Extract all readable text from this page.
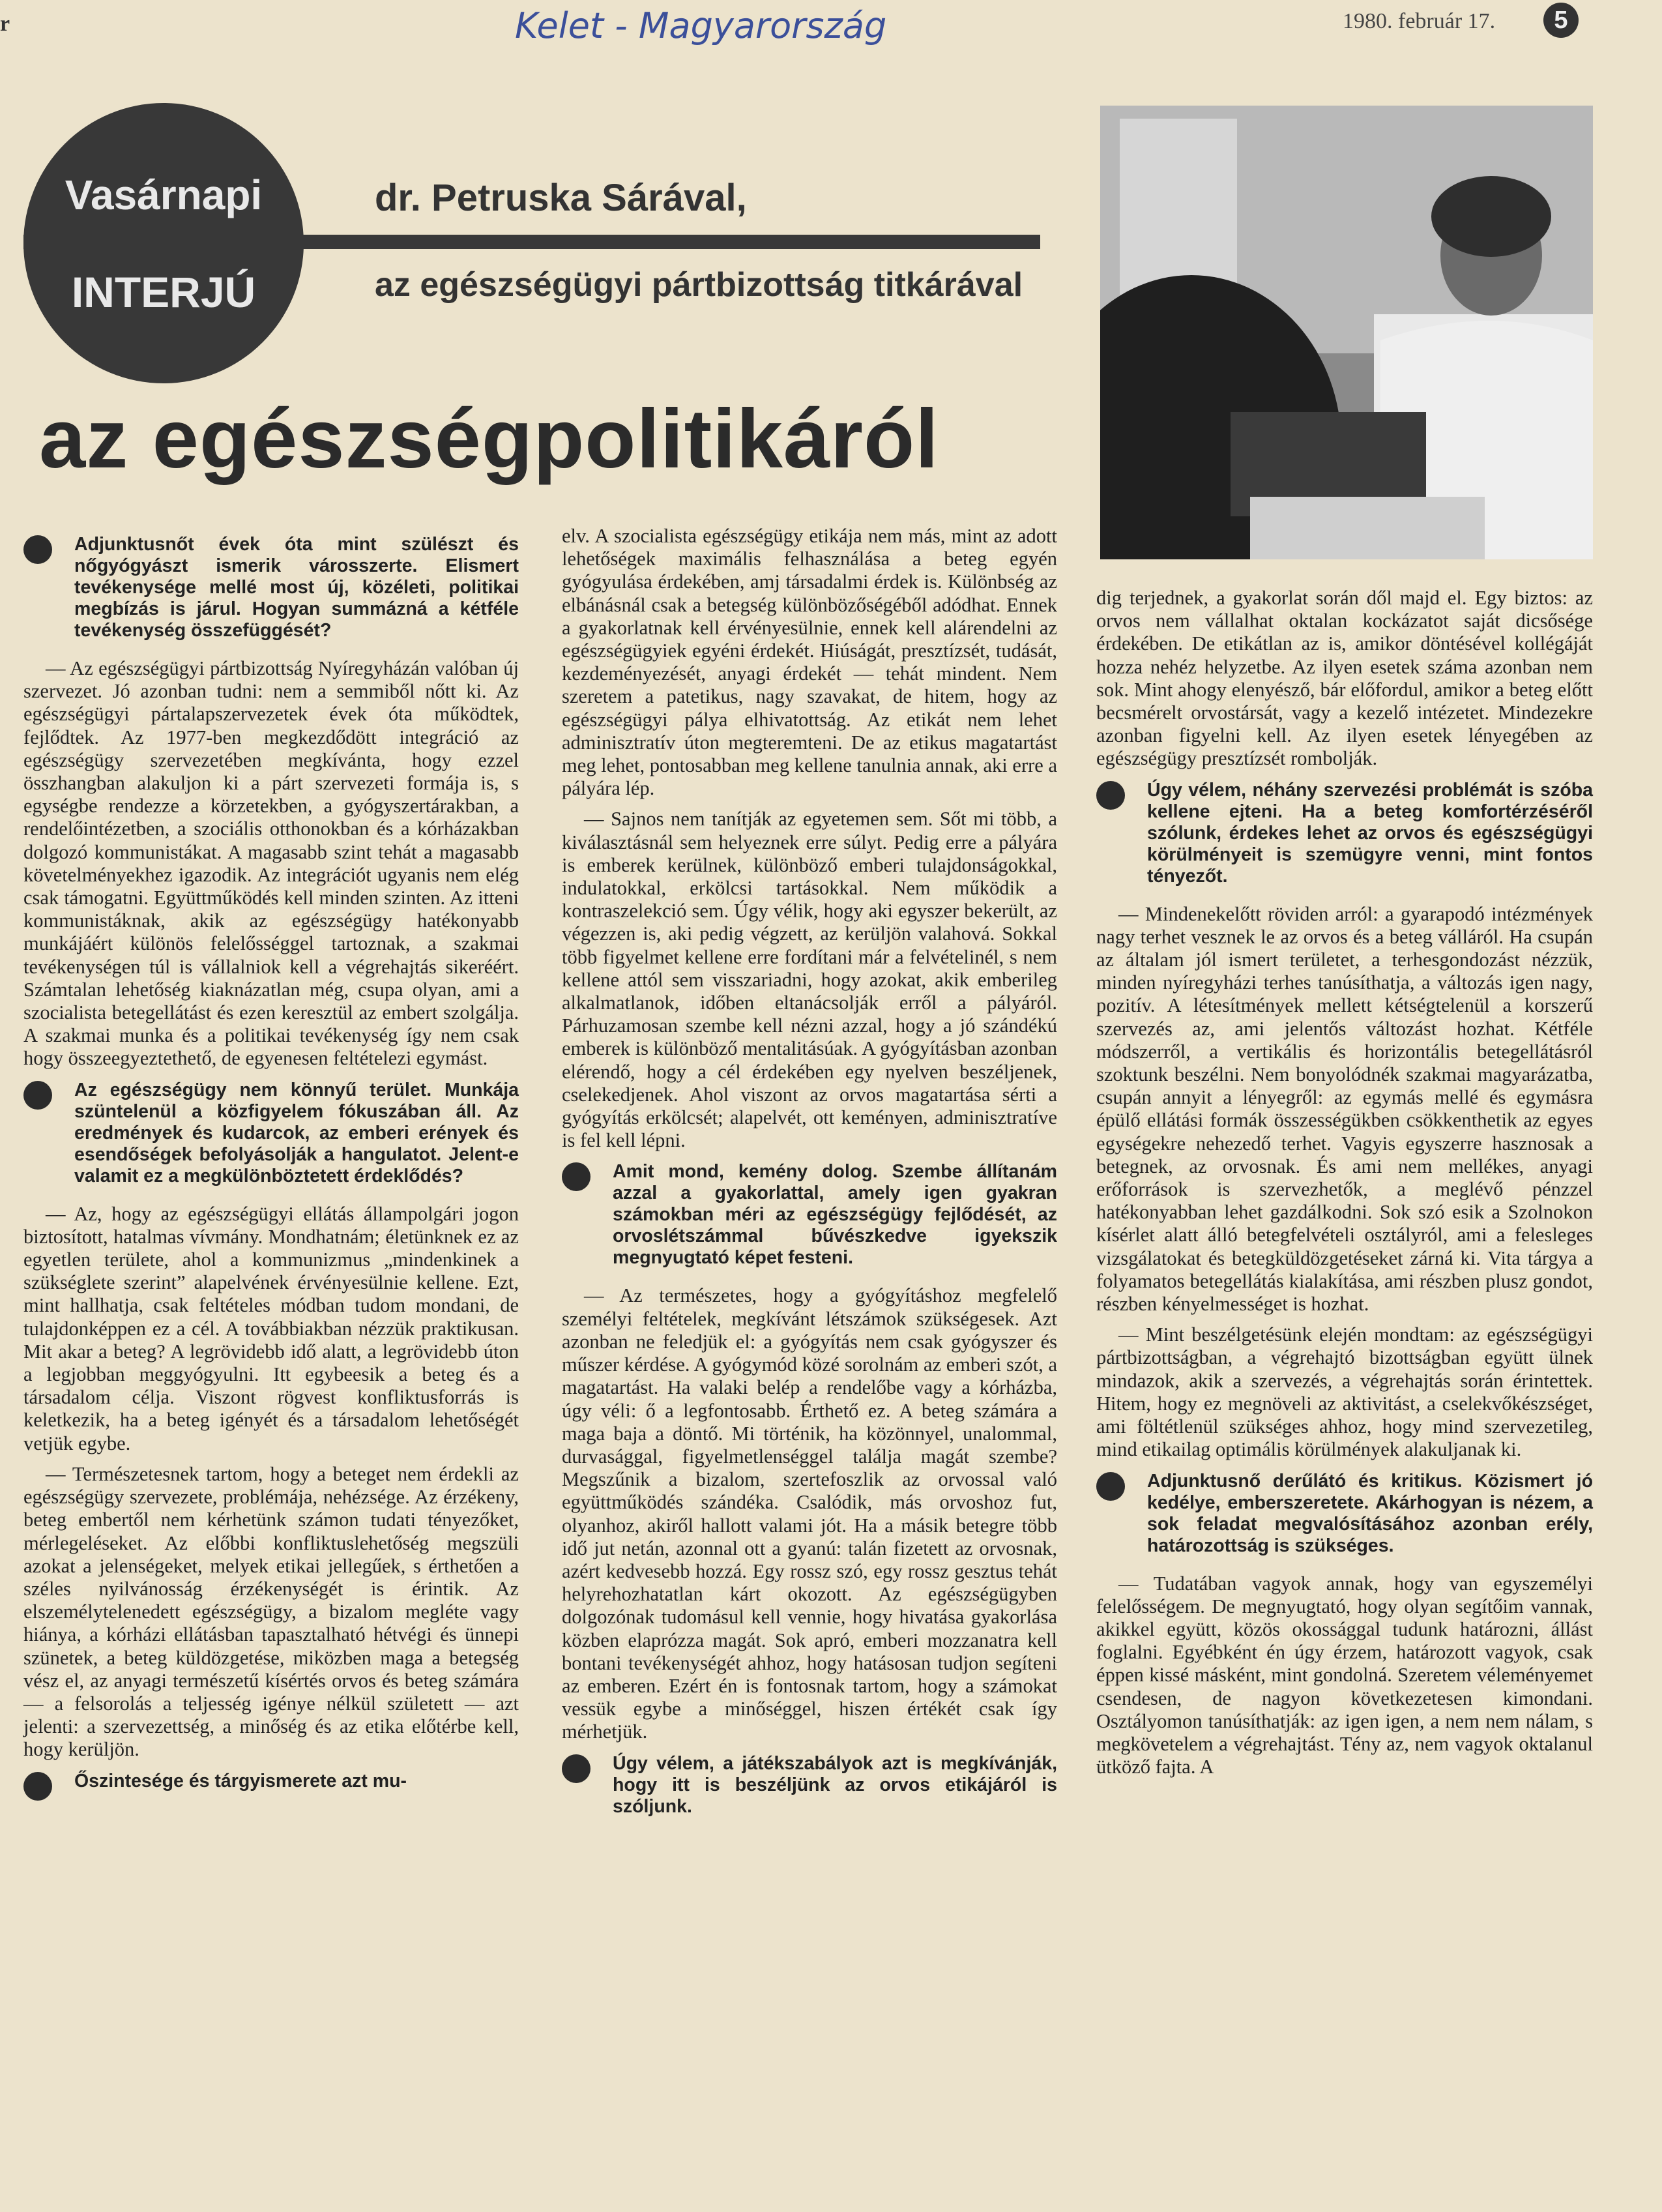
r	Kelet - Magyarország	1980. február 17.	5
Vasárnapi
INTERJÚ
dr. Petruska Sárával,
az egészségügyi pártbizottság titkárával
az egészségpolitikáról

Adjunktusnőt évek óta mint szülészt és nőgyógyászt ismerik városszerte. Elismert tevékenysége mellé most új, közéleti, politikai megbízás is járul. Hogyan summázná a kétféle tevékenység összefüggését?

— Az egészségügyi pártbizottság Nyíregyházán valóban új szervezet. Jó azonban tudni: nem a semmiből nőtt ki. Az egészségügyi pártalapszervezetek évek óta működtek, fejlődtek. Az 1977-ben megkezdődött integráció az egészségügy szervezetében megkívánta, hogy ezzel összhangban alakuljon ki a párt szervezeti formája is, s egységbe rendezze a körzetekben, a gyógyszertárakban, a rendelőintézetben, a szociális otthonokban és a kórházakban dolgozó kommunistákat. A magasabb szint tehát a magasabb követelményekhez igazodik. Az integrációt ugyanis nem elég csak támogatni. Együttműködés kell minden szinten. Az itteni kommunistáknak, akik az egészségügy hatékonyabb munkájáért különös felelősséggel tartoznak, a szakmai tevékenységen túl is vállalniok kell a végrehajtás sikeréért. Számtalan lehetőség kiaknázatlan még, csupa olyan, ami a szocialista betegellátást és ezen keresztül az embert szolgálja. A szakmai munka és a politikai tevékenység így nem csak hogy összeegyeztethető, de egyenesen feltételezi egymást.

Az egészségügy nem könnyű terület. Munkája szüntelenül a közfigyelem fókuszában áll. Az eredmények és kudarcok, az emberi erények és esendőségek befolyásolják a hangulatot. Jelent-e valamit ez a megkülönböztetett érdeklődés?

— Az, hogy az egészségügyi ellátás állampolgári jogon biztosított, hatalmas vívmány. Mondhatnám; életünknek ez az egyetlen területe, ahol a kommunizmus „mindenkinek a szükséglete szerint” alapelvének érvényesülnie kellene. Ezt, mint hallhatja, csak feltételes módban tudom mondani, de tulajdonképpen ez a cél. A továbbiakban nézzük praktikusan. Mit akar a beteg? A legrövidebb idő alatt, a legrövidebb úton a legjobban meggyógyulni. Itt egybeesik a beteg és a társadalom célja. Viszont rögvest konfliktusforrás is keletkezik, ha a beteg igényét és a társadalom lehetőségét vetjük egybe.

— Természetesnek tartom, hogy a beteget nem érdekli az egészségügy szervezete, problémája, nehézsége. Az érzékeny, beteg embertől nem kérhetünk számon tudati tényezőket, mérlegeléseket. Az előbbi konfliktuslehetőség megszüli azokat a jelenségeket, melyek etikai jellegűek, s érthetően a széles nyilvánosság érzékenységét is érintik. Az elszemélytelenedett egészségügy, a bizalom megléte vagy hiánya, a kórházi ellátásban tapasztalható hétvégi és ünnepi szünetek, a beteg küldözgetése, miközben maga a betegség vész el, az anyagi természetű kísértés orvos és beteg számára — a felsorolás a teljesség igénye nélkül született — azt jelenti: a szervezettség, a minőség és az etika előtérbe kell, hogy kerüljön.

Őszintesége és tárgyismerete azt mu-

elv. A szocialista egészségügy etikája nem más, mint az adott lehetőségek maximális felhasználása a beteg egyén gyógyulása érdekében, amj társadalmi érdek is. Különbség az elbánásnál csak a betegség különbözőségéből adódhat. Ennek a gyakorlatnak kell érvényesülnie, ennek kell alárendelni az egészségügyiek egyéni érdekét. Hiúságát, presztízsét, tudását, kezdeményezését, anyagi érdekét — tehát mindent. Nem szeretem a patetikus, nagy szavakat, de hitem, hogy az egészségügyi pálya elhivatottság. Az etikát nem lehet adminisztratív úton megteremteni. De az etikus magatartást meg lehet, pontosabban meg kellene tanulnia annak, aki erre a pályára lép.

— Sajnos nem tanítják az egyetemen sem. Sőt mi több, a kiválasztásnál sem helyeznek erre súlyt. Pedig erre a pályára is emberek kerülnek, különböző emberi tulajdonságokkal, indulatokkal, erkölcsi tartásokkal. Nem működik a kontraszelekció sem. Úgy vélik, hogy aki egyszer bekerült, az végezzen is, aki pedig végzett, az kerüljön valahová. Sokkal több figyelmet kellene erre fordítani már a felvételinél, s nem kellene attól sem visszariadni, hogy azokat, akik emberileg alkalmatlanok, időben eltanácsolják erről a pályáról. Párhuzamosan szembe kell nézni azzal, hogy a jó szándékú emberek is különböző mentalitásúak. A gyógyításban azonban elérendő, hogy a cél érdekében egy nyelven beszéljenek, cselekedjenek. Ahol viszont az orvos magatartása sérti a gyógyítás erkölcsét; alapelvét, ott keményen, adminisztratíve is fel kell lépni.

Amit mond, kemény dolog. Szembe állítanám azzal a gyakorlattal, amely igen gyakran számokban méri az egészségügy fejlődését, az orvoslétszámmal bűvészkedve igyekszik megnyugtató képet festeni.

— Az természetes, hogy a gyógyításhoz megfelelő személyi feltételek, megkívánt létszámok szükségesek. Azt azonban ne feledjük el: a gyógyítás nem csak gyógyszer és műszer kérdése. A gyógymód közé sorolnám az emberi szót, a magatartást. Ha valaki belép a rendelőbe vagy a kórházba, úgy véli: ő a legfontosabb. Érthető ez. A beteg számára a maga baja a döntő. Mi történik, ha közönnyel, unalommal, durvasággal, figyelmetlenséggel találja magát szembe? Megszűnik a bizalom, szertefoszlik az orvossal való együttműködés szándéka. Csalódik, más orvoshoz fut, olyanhoz, akiről hallott valami jót. Ha a másik betegre több idő jut netán, azonnal ott a gyanú: talán fizetett az orvosnak, azért kedvesebb hozzá. Egy rossz szó, egy rossz gesztus tehát helyrehozhatatlan kárt okozott. Az egészségügyben dolgozónak tudomásul kell vennie, hogy hivatása gyakorlása közben elaprózza magát. Sok apró, emberi mozzanatra kell bontani tevékenységét ahhoz, hogy hatásosan tudjon segíteni az emberen. Ezért én is fontosnak tartom, hogy a számokat vessük egybe a minőséggel, hiszen értékét csak így mérhetjük.

Úgy vélem, a játékszabályok azt is megkívánják, hogy itt is beszéljünk az orvos etikájáról is szóljunk.

dig terjednek, a gyakorlat során dől majd el. Egy biztos: az orvos nem vállalhat oktalan kockázatot saját dicsősége érdekében. De etikátlan az is, amikor döntésével kollégáját hozza nehéz helyzetbe. Az ilyen esetek száma azonban nem sok. Mint ahogy elenyésző, bár előfordul, amikor a beteg előtt becsmérelt orvostársát, vagy a kezelő intézetet. Mindezekre azonban figyelni kell. Az ilyen esetek lényegében az egészségügy presztízsét rombolják.

Úgy vélem, néhány szervezési problémát is szóba kellene ejteni. Ha a beteg komfortérzéséről szólunk, érdekes lehet az orvos és egészségügyi körülményeit is szemügyre venni, mint fontos tényezőt.

— Mindenekelőtt röviden arról: a gyarapodó intézmények nagy terhet vesznek le az orvos és a beteg válláról. Ha csupán az általam jól ismert területet, a terhesgondozást nézzük, minden nyíregyházi terhes tanúsíthatja, a változás igen nagy, pozitív. A létesítmények mellett kétségtelenül a korszerű szervezés az, ami jelentős változást hozhat. Kétféle módszerről, a vertikális és horizontális betegellátásról szoktunk beszélni. Nem bonyolódnék szakmai magyarázatba, csupán annyit a lényegről: az egymás mellé és egymásra épülő ellátási formák összességükben csökkenthetik az egyes egységekre nehezedő terhet. Vagyis egyszerre hasznosak a betegnek, az orvosnak. És ami nem mellékes, anyagi erőforrások is szervezhetők, a meglévő pénzzel hatékonyabban lehet gazdálkodni. Sok szó esik a Szolnokon kísérlet alatt álló betegfelvételi osztályról, ami a felesleges vizsgálatokat és betegküldözgetéseket zárná ki. Vita tárgya a folyamatos betegellátás kialakítása, ami részben plusz gondot, részben kényelmességet is hozhat.

— Mint beszélgetésünk elején mondtam: az egészségügyi pártbizottságban, a végrehajtó bizottságban együtt ülnek mindazok, akik a szervezés, a végrehajtás során érintettek. Hitem, hogy ez megnöveli az aktivitást, a cselekvőkészséget, ami föltétlenül szükséges ahhoz, hogy mind szervezetileg, mind etikailag optimális körülmények alakuljanak ki.

Adjunktusnő derűlátó és kritikus. Közismert jó kedélye, emberszeretete. Akárhogyan is nézem, a sok feladat megvalósításához azonban erély, határozottság is szükséges.

— Tudatában vagyok annak, hogy van egyszemélyi felelősségem. De megnyugtató, hogy olyan segítőim vannak, akikkel együtt, közös okossággal tudunk határozni, állást foglalni. Egyébként én úgy érzem, határozott vagyok, csak éppen kissé másként, mint gondolná. Szeretem véleményemet csendesen, de nagyon következetesen kimondani. Osztályomon tanúsíthatják: az igen igen, a nem nem nálam, s megkövetelem a végrehajtást. Tény az, nem vagyok oktalanul ütköző fajta. A
